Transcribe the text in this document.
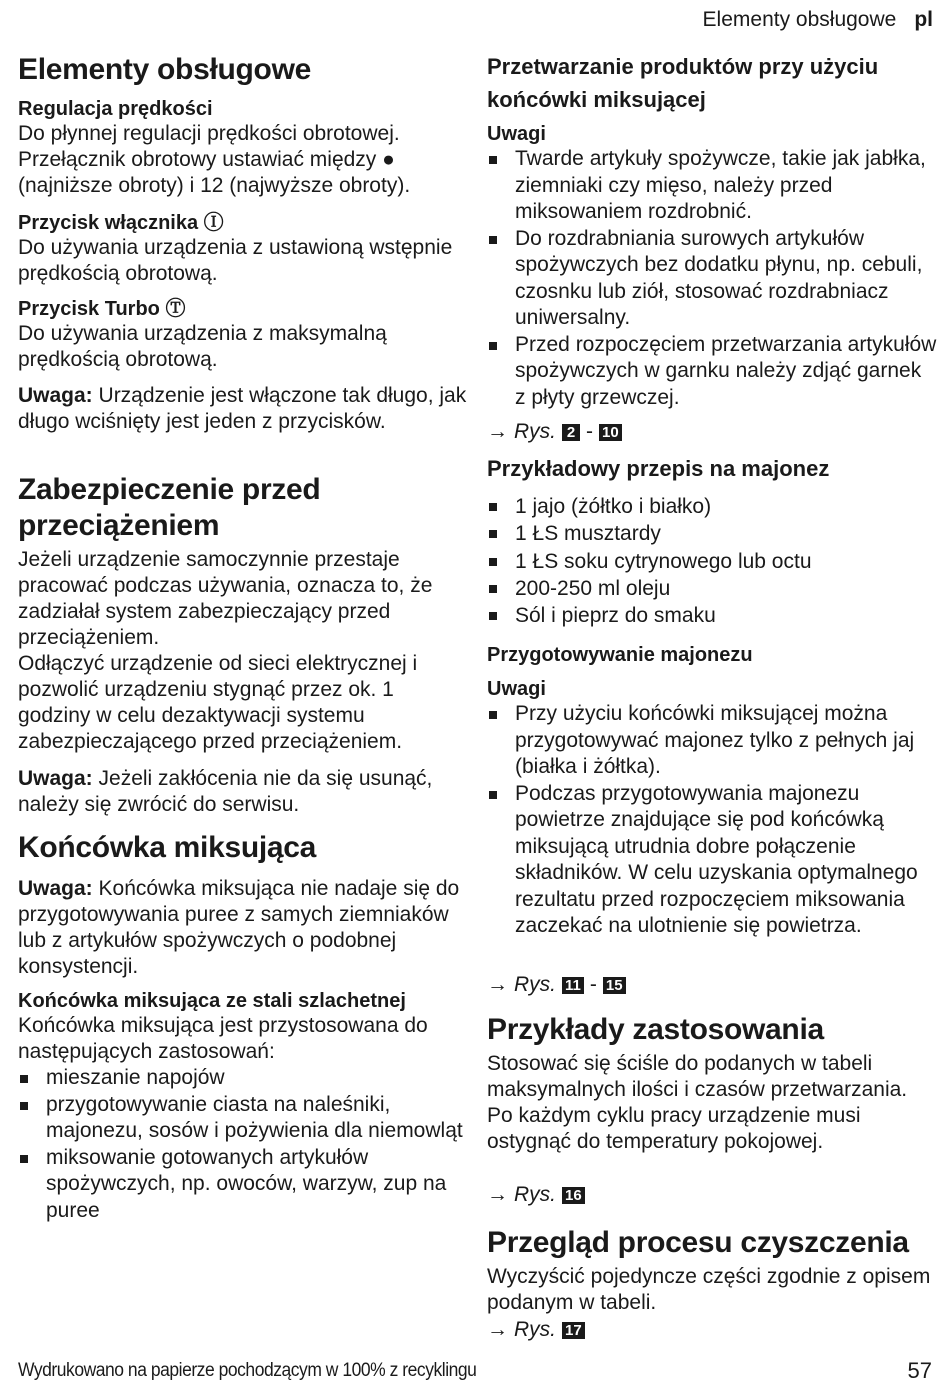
Elementy obsługowe pl
Elementy obsługowe
Regulacja prędkości

Do płynnej regulacji prędkości obrotowej. Przełącznik obrotowy ustawiać między ● (najniższe obroty) i 12 (najwyższe obroty).

Przycisk włącznika Ⓘ

Do używania urządzenia z ustawioną wstępnie prędkością obrotową.

Przycisk Turbo Ⓣ

Do używania urządzenia z maksymalną prędkością obrotową.

Uwaga: Urządzenie jest włączone tak długo, jak długo wciśnięty jest jeden z przycisków.

Zabezpieczenie przed przeciążeniem

Jeżeli urządzenie samoczynnie przestaje pracować podczas używania, oznacza to, że zadziałał system zabezpieczający przed przeciążeniem.

Odłączyć urządzenie od sieci elektrycznej i pozwolić urządzeniu stygnąć przez ok. 1 godziny w celu dezaktywacji systemu zabezpieczającego przed przeciążeniem.

Uwaga: Jeżeli zakłócenia nie da się usunąć, należy się zwrócić do serwisu.

Końcówka miksująca

Uwaga: Końcówka miksująca nie nadaje się do przygotowywania puree z samych ziemniaków lub z artykułów spożywczych o podobnej konsystencji.

Końcówka miksująca ze stali szlachetnej

Końcówka miksująca jest przystosowana do następujących zastosowań:

mieszanie napojów
przygotowywanie ciasta na naleśniki, majonezu, sosów i pożywienia dla niemowląt
miksowanie gotowanych artykułów spożywczych, np. owoców, warzyw, zup na puree
Przetwarzanie produktów przy użyciu końcówki miksującej
Uwagi
Twarde artykuły spożywcze, takie jak jabłka, ziemniaki czy mięso, należy przed miksowaniem rozdrobnić.
Do rozdrabniania surowych artykułów spożywczych bez dodatku płynu, np. cebuli, czosnku lub ziół, stosować rozdrabniacz uniwersalny.
Przed rozpoczęciem przetwarzania artykułów spożywczych w garnku należy zdjąć garnek z płyty grzewczej.
→ Rys. 2 - 10
Przykładowy przepis na majonez
1 jajo (żółtko i białko)
1 ŁS musztardy
1 ŁS soku cytrynowego lub octu
200-250 ml oleju
Sól i pieprz do smaku
Przygotowywanie majonezu
Uwagi
Przy użyciu końcówki miksującej można przygotowywać majonez tylko z pełnych jaj (białka i żółtka).
Podczas przygotowywania majonezu powietrze znajdujące się pod końcówką miksującą utrudnia dobre połączenie składników. W celu uzyskania optymalnego rezultatu przed rozpoczęciem miksowania zaczekać na ulotnienie się powietrza.
→ Rys. 11 - 15
Przykłady zastosowania

Stosować się ściśle do podanych w tabeli maksymalnych ilości i czasów przetwarzania.

Po każdym cyklu pracy urządzenie musi ostygnąć do temperatury pokojowej.

→ Rys. 16
Przegląd procesu czyszczenia

Wyczyścić pojedyncze części zgodnie z opisem podanym w tabeli.

→ Rys. 17
Wydrukowano na papierze pochodzącym w 100% z recyklingu	57
